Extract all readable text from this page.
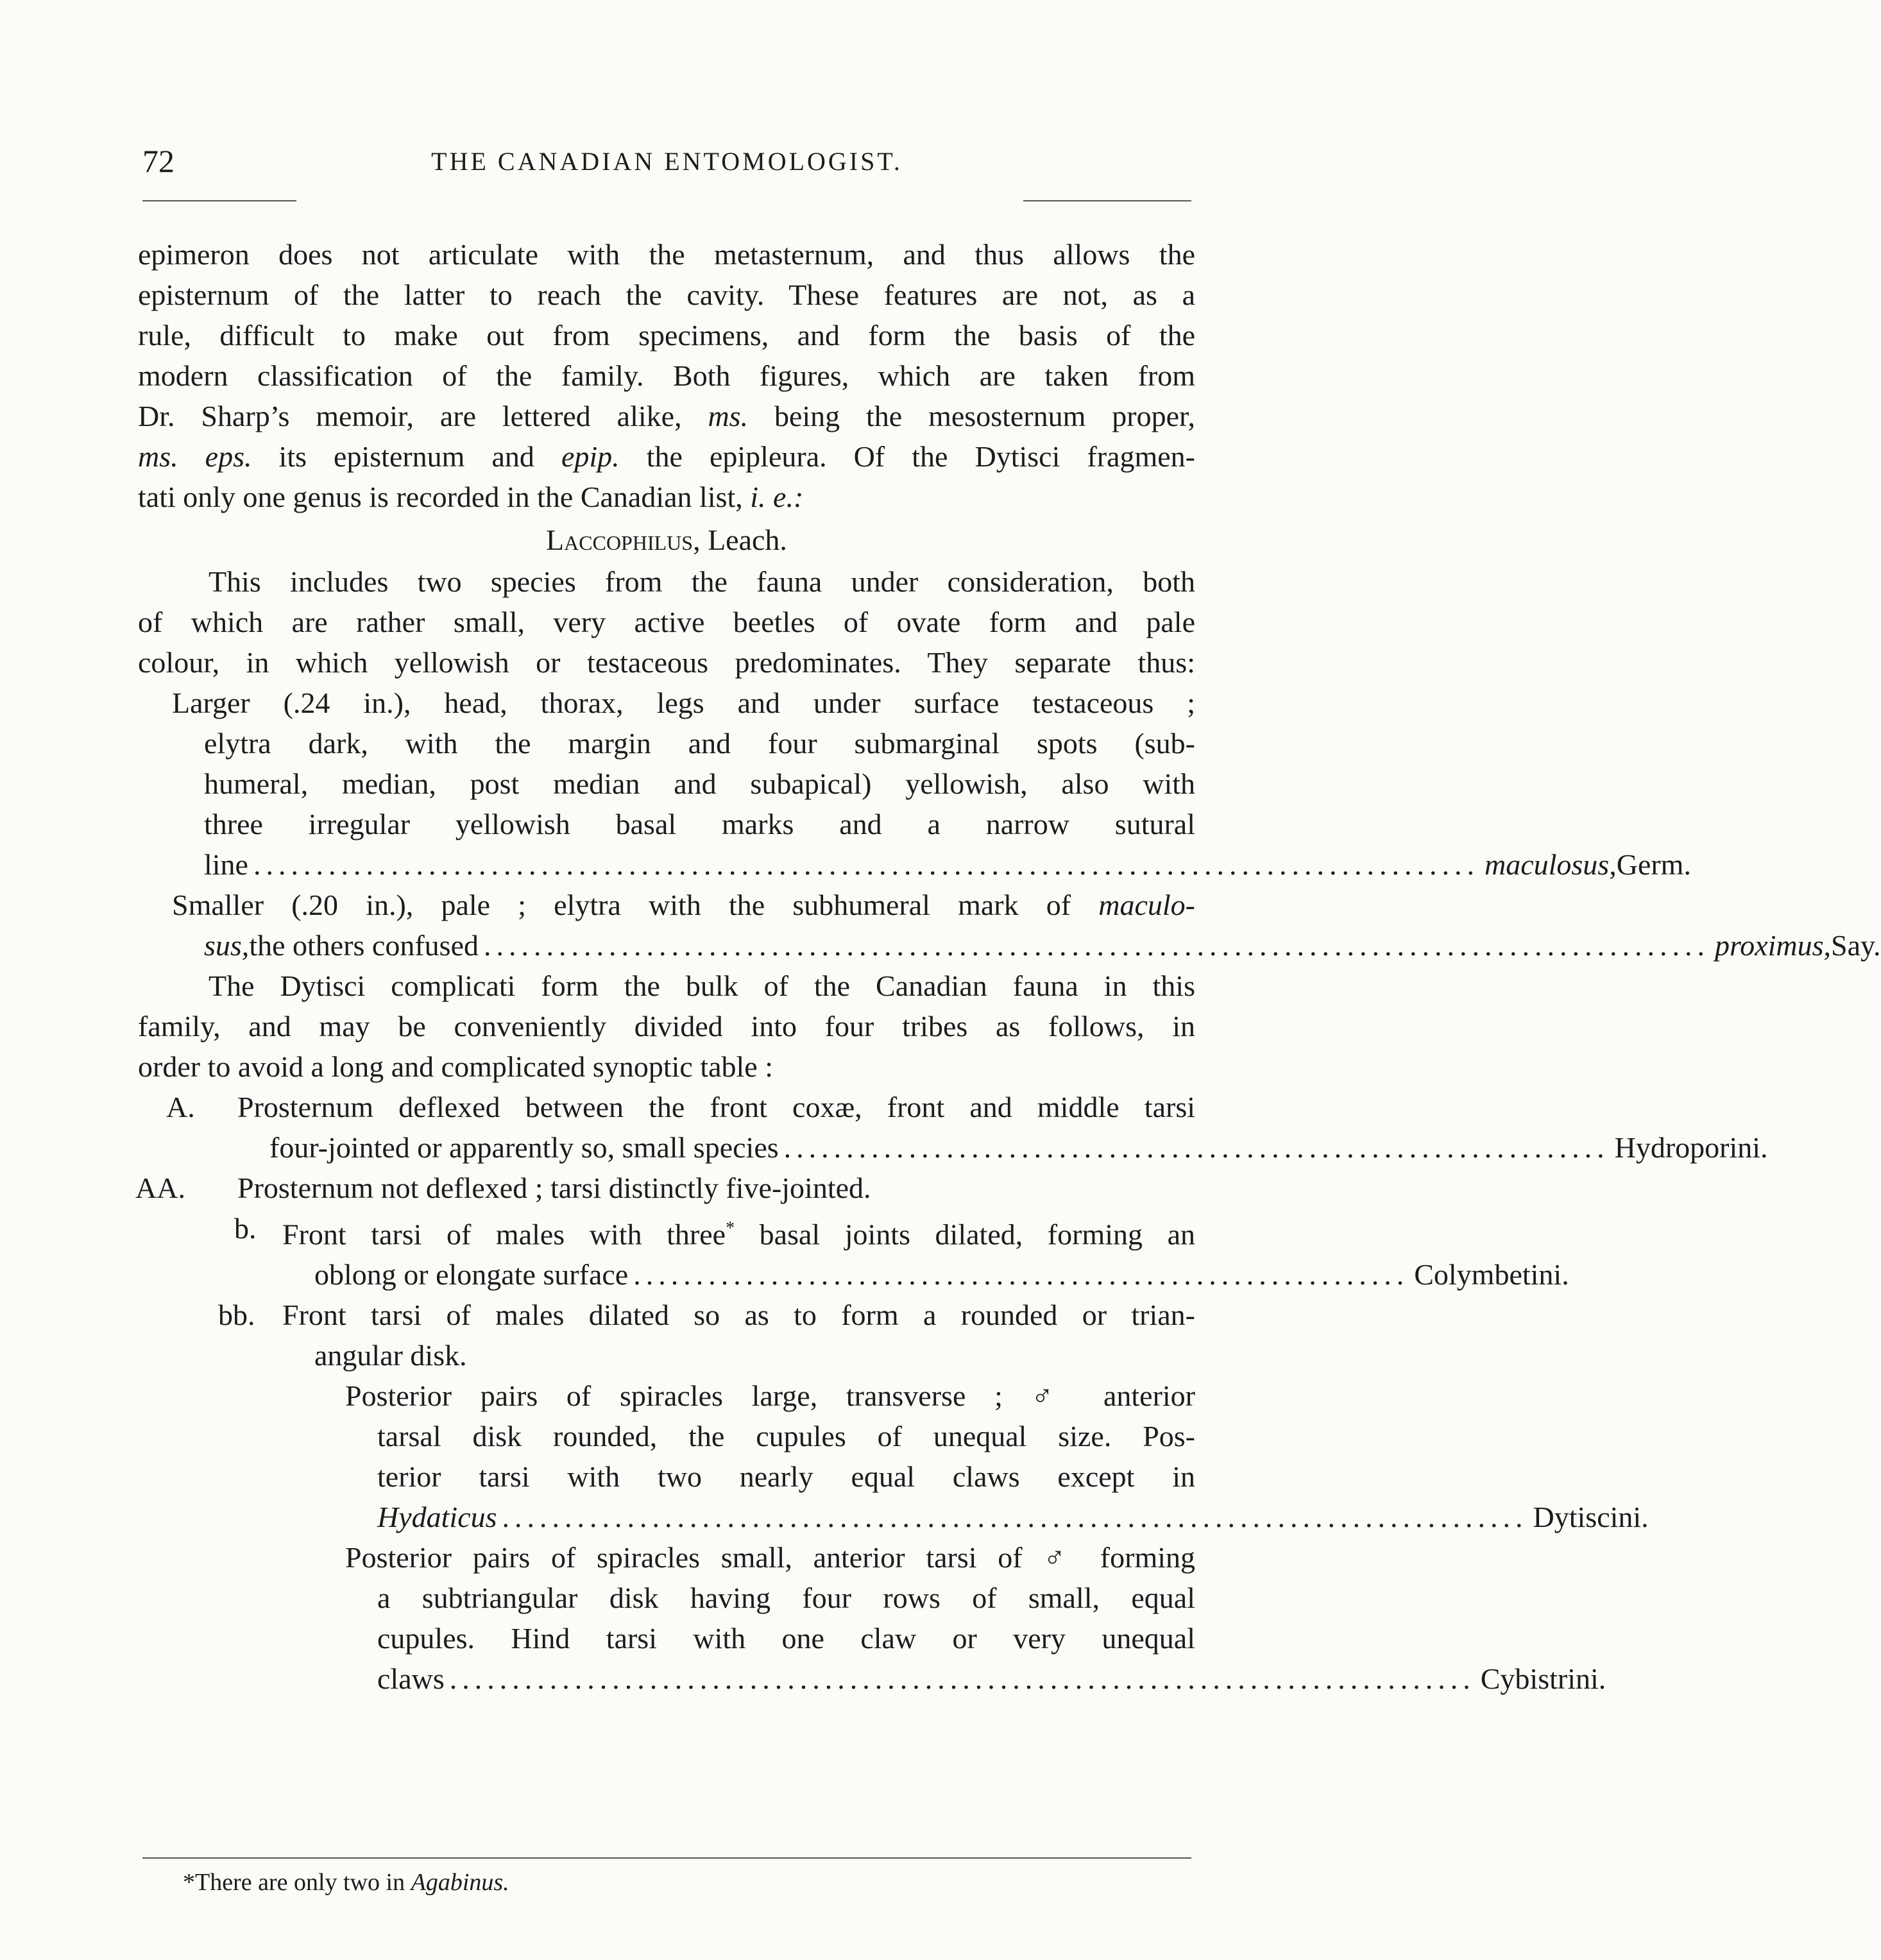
72	THE CANADIAN ENTOMOLOGIST.

epimeron does not articulate with the metasternum, and thus allows the

episternum of the latter to reach the cavity. These features are not, as a

rule, difficult to make out from specimens, and form the basis of the

modern classification of the family. Both figures, which are taken from

Dr. Sharp’s memoir, are lettered alike, ms. being the mesosternum proper,

ms. eps. its episternum and epip. the epipleura. Of the Dytisci fragmen-

tati only one genus is recorded in the Canadian list, i. e.:

Laccophilus, Leach.

This includes two species from the fauna under consideration, both

of which are rather small, very active beetles of ovate form and pale

colour, in which yellowish or testaceous predominates. They separate thus:

Larger (.24 in.), head, thorax, legs and under surface testaceous ;

elytra dark, with the margin and four submarginal spots (sub-

humeral, median, post median and subapical) yellowish, also with

three irregular yellowish basal marks and a narrow sutural

line .................................................................................................. maculosus, Germ.

Smaller (.20 in.), pale ; elytra with the subhumeral mark of maculo-

sus, the others confused .................................................................................................. proximus, Say.

The Dytisci complicati form the bulk of the Canadian fauna in this

family, and may be conveniently divided into four tribes as follows, in

order to avoid a long and complicated synoptic table :

A. Prosternum deflexed between the front coxæ, front and middle tarsi

four-jointed or apparently so, small species .................................................................. Hydroporini.

AA. Prosternum not deflexed ; tarsi distinctly five-jointed.

b. Front tarsi of males with three* basal joints dilated, forming an

oblong or elongate surface .............................................................. Colymbetini.

bb. Front tarsi of males dilated so as to form a rounded or trian-

angular disk.

Posterior pairs of spiracles large, transverse ; ♂ anterior

tarsal disk rounded, the cupules of unequal size. Pos-

terior tarsi with two nearly equal claws except in

Hydaticus .................................................................................. Dytiscini.

Posterior pairs of spiracles small, anterior tarsi of ♂ forming

a subtriangular disk having four rows of small, equal

cupules. Hind tarsi with one claw or very unequal

claws .................................................................................. Cybistrini.

*There are only two in Agabinus.
